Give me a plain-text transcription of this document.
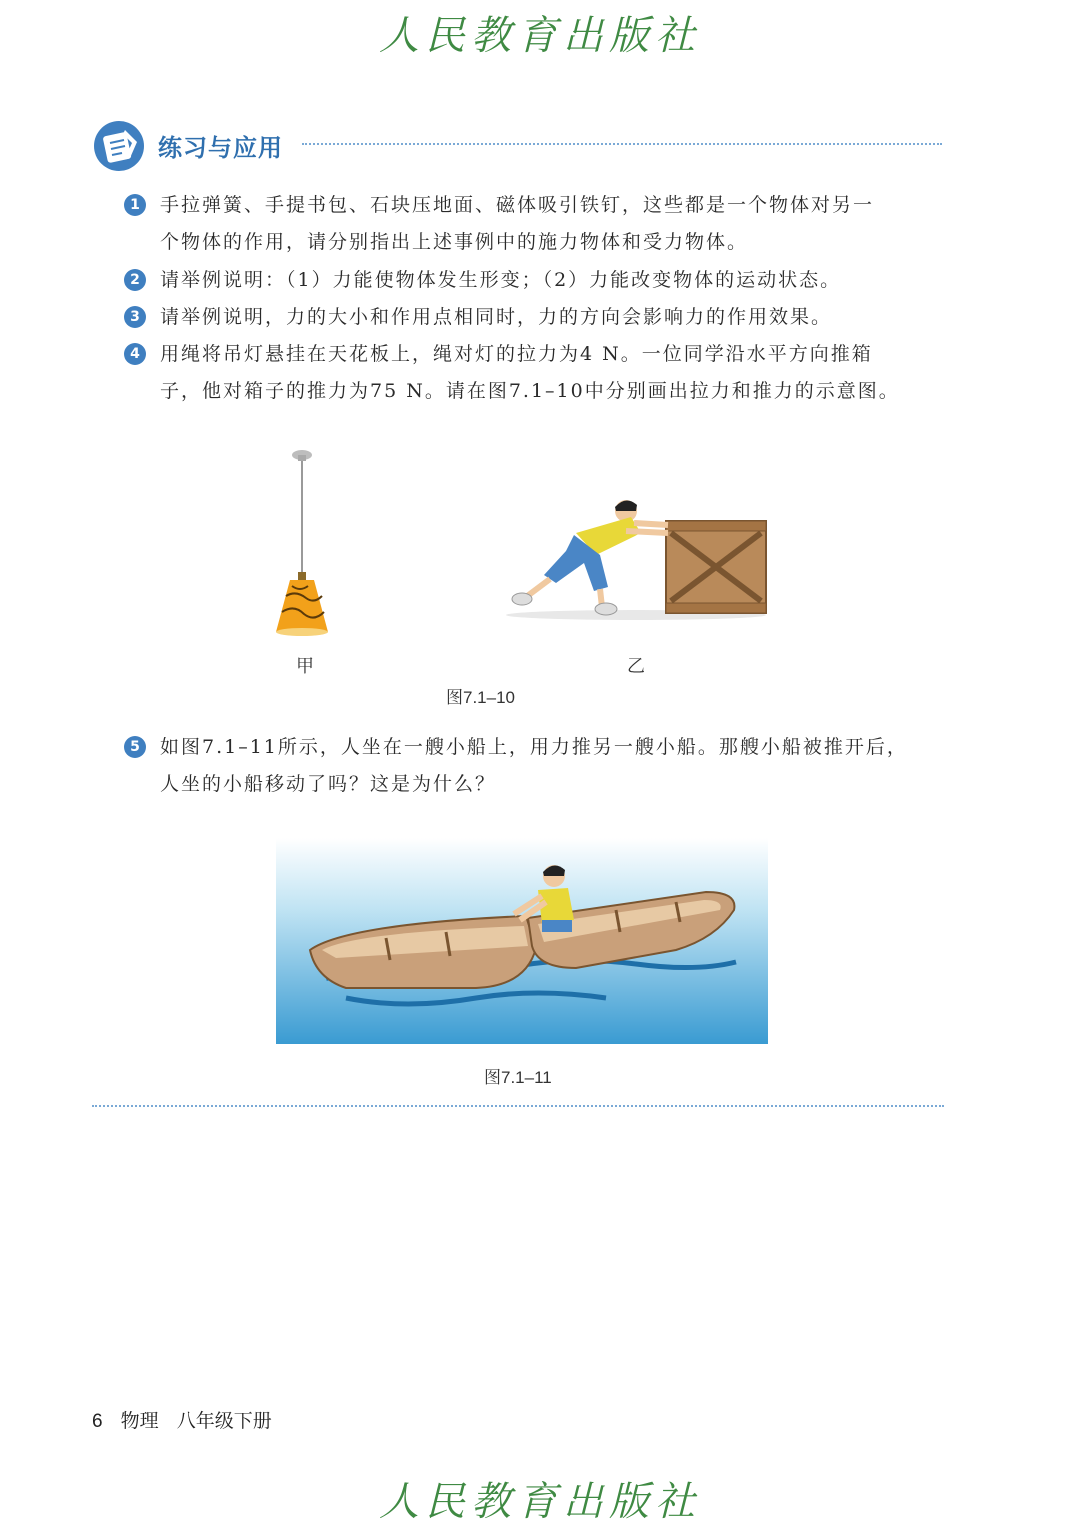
人民教育出版社
练习与应用
1	手拉弹簧、手提书包、石块压地面、磁体吸引铁钉，这些都是一个物体对另一
个物体的作用，请分别指出上述事例中的施力物体和受力物体。
2	请举例说明：（1）力能使物体发生形变；（2）力能改变物体的运动状态。
3	请举例说明，力的大小和作用点相同时，力的方向会影响力的作用效果。
4	用绳将吊灯悬挂在天花板上，绳对灯的拉力为4 N。一位同学沿水平方向推箱
子，他对箱子的推力为75 N。请在图7.1–10中分别画出拉力和推力的示意图。
甲	乙
图7.1–10
5	如图7.1–11所示，人坐在一艘小船上，用力推另一艘小船。那艘小船被推开后，
人坐的小船移动了吗？这是为什么？
图7.1–11
6 物理 八年级下册
人民教育出版社
